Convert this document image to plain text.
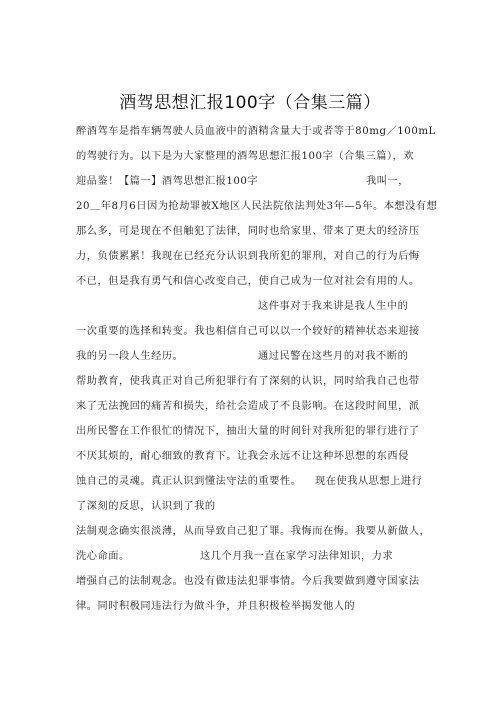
酒驾思想汇报100字（合集三篇）
醉酒驾车是指车辆驾驶人员血液中的酒精含量大于或者等于80mg／100mL
的驾驶行为。以下是为大家整理的酒驾思想汇报100字（合集三篇），欢
迎品鉴！【篇一】酒驾思想汇报100字	我叫一，
20＿年8月6日因为抢劫罪被X地区人民法院依法判处3年—5年。本想没有想
那么多，可是现在不但触犯了法律，同时也给家里、带来了更大的经济压
力，负债累累！我现在已经充分认识到我所犯的罪刑，对自己的行为后悔
不已，但是我有勇气和信心改变自己，使自己成为一位对社会有用的人。
这件事对于我来讲是我人生中的
一次重要的选择和转变。我也相信自己可以以一个较好的精神状态来迎接
我的另一段人生经历。	通过民警在这些月的对我不断的
帮助教育，使我真正对自己所犯罪行有了深刻的认识，同时给我自己也带
来了无法挽回的痛苦和损失，给社会造成了不良影响。在这段时间里，派
出所民警在工作很忙的情况下，抽出大量的时间针对我所犯的罪行进行了
不厌其烦的，耐心细致的教育下。让我会永远不让这种坏思想的东西侵
蚀自己的灵魂。真正认识到懂法守法的重要性。 现在使我从思想上进行
了深刻的反思，认识到了我的
法制观念确实很淡薄，从而导致自己犯了罪。我悔而在悔。我要从新做人，
洗心命面。	这几个月我一直在家学习法律知识，力求
增强自己的法制观念。也没有做违法犯罪事情。今后我要做到遵守国家法
律。同时积极同违法行为做斗争，并且积极检举揭发他人的
